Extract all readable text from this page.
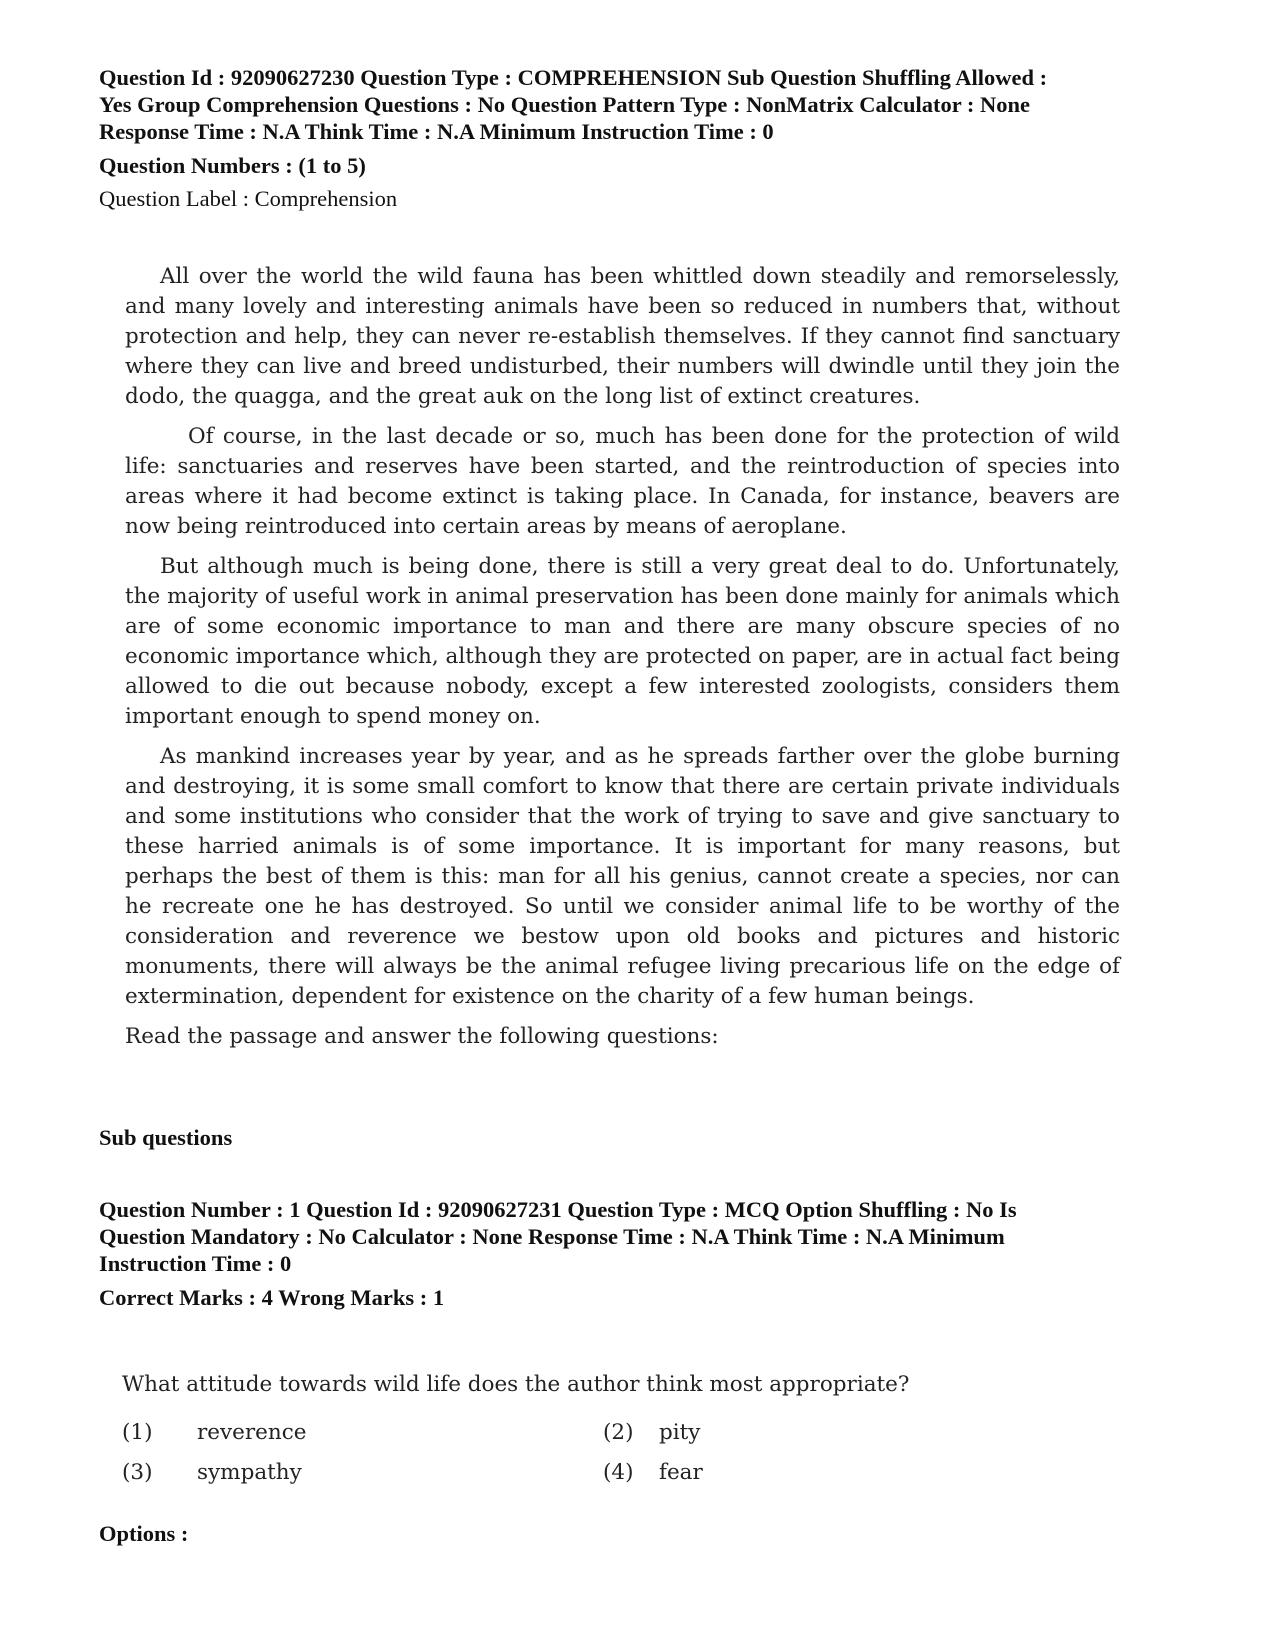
Question Id : 92090627230 Question Type : COMPREHENSION Sub Question Shuffling Allowed :

Yes Group Comprehension Questions : No Question Pattern Type : NonMatrix Calculator : None

Response Time : N.A Think Time : N.A Minimum Instruction Time : 0

Question Numbers : (1 to 5)

Question Label : Comprehension

All over the world the wild fauna has been whittled down steadily and remorselessly, and many lovely and interesting animals have been so reduced in numbers that, without protection and help, they can never re-establish themselves. If they cannot find sanctuary where they can live and breed undisturbed, their numbers will dwindle until they join the dodo, the quagga, and the great auk on the long list of extinct creatures.

Of course, in the last decade or so, much has been done for the protection of wild life: sanctuaries and reserves have been started, and the reintroduction of species into areas where it had become extinct is taking place. In Canada, for instance, beavers are now being reintroduced into certain areas by means of aeroplane.

But although much is being done, there is still a very great deal to do. Unfortunately, the majority of useful work in animal preservation has been done mainly for animals which are of some economic importance to man and there are many obscure species of no economic importance which, although they are protected on paper, are in actual fact being allowed to die out because nobody, except a few interested zoologists, considers them important enough to spend money on.

As mankind increases year by year, and as he spreads farther over the globe burning and destroying, it is some small comfort to know that there are certain private individuals and some institutions who consider that the work of trying to save and give sanctuary to these harried animals is of some importance. It is important for many reasons, but perhaps the best of them is this: man for all his genius, cannot create a species, nor can he recreate one he has destroyed. So until we consider animal life to be worthy of the consideration and reverence we bestow upon old books and pictures and historic monuments, there will always be the animal refugee living precarious life on the edge of extermination, dependent for existence on the charity of a few human beings.

Read the passage and answer the following questions:

Sub questions

Question Number : 1 Question Id : 92090627231 Question Type : MCQ Option Shuffling : No Is

Question Mandatory : No Calculator : None Response Time : N.A Think Time : N.A Minimum

Instruction Time : 0

Correct Marks : 4 Wrong Marks : 1

What attitude towards wild life does the author think most appropriate?
(1) reverence	(2) pity
(3) sympathy	(4) fear

Options :
